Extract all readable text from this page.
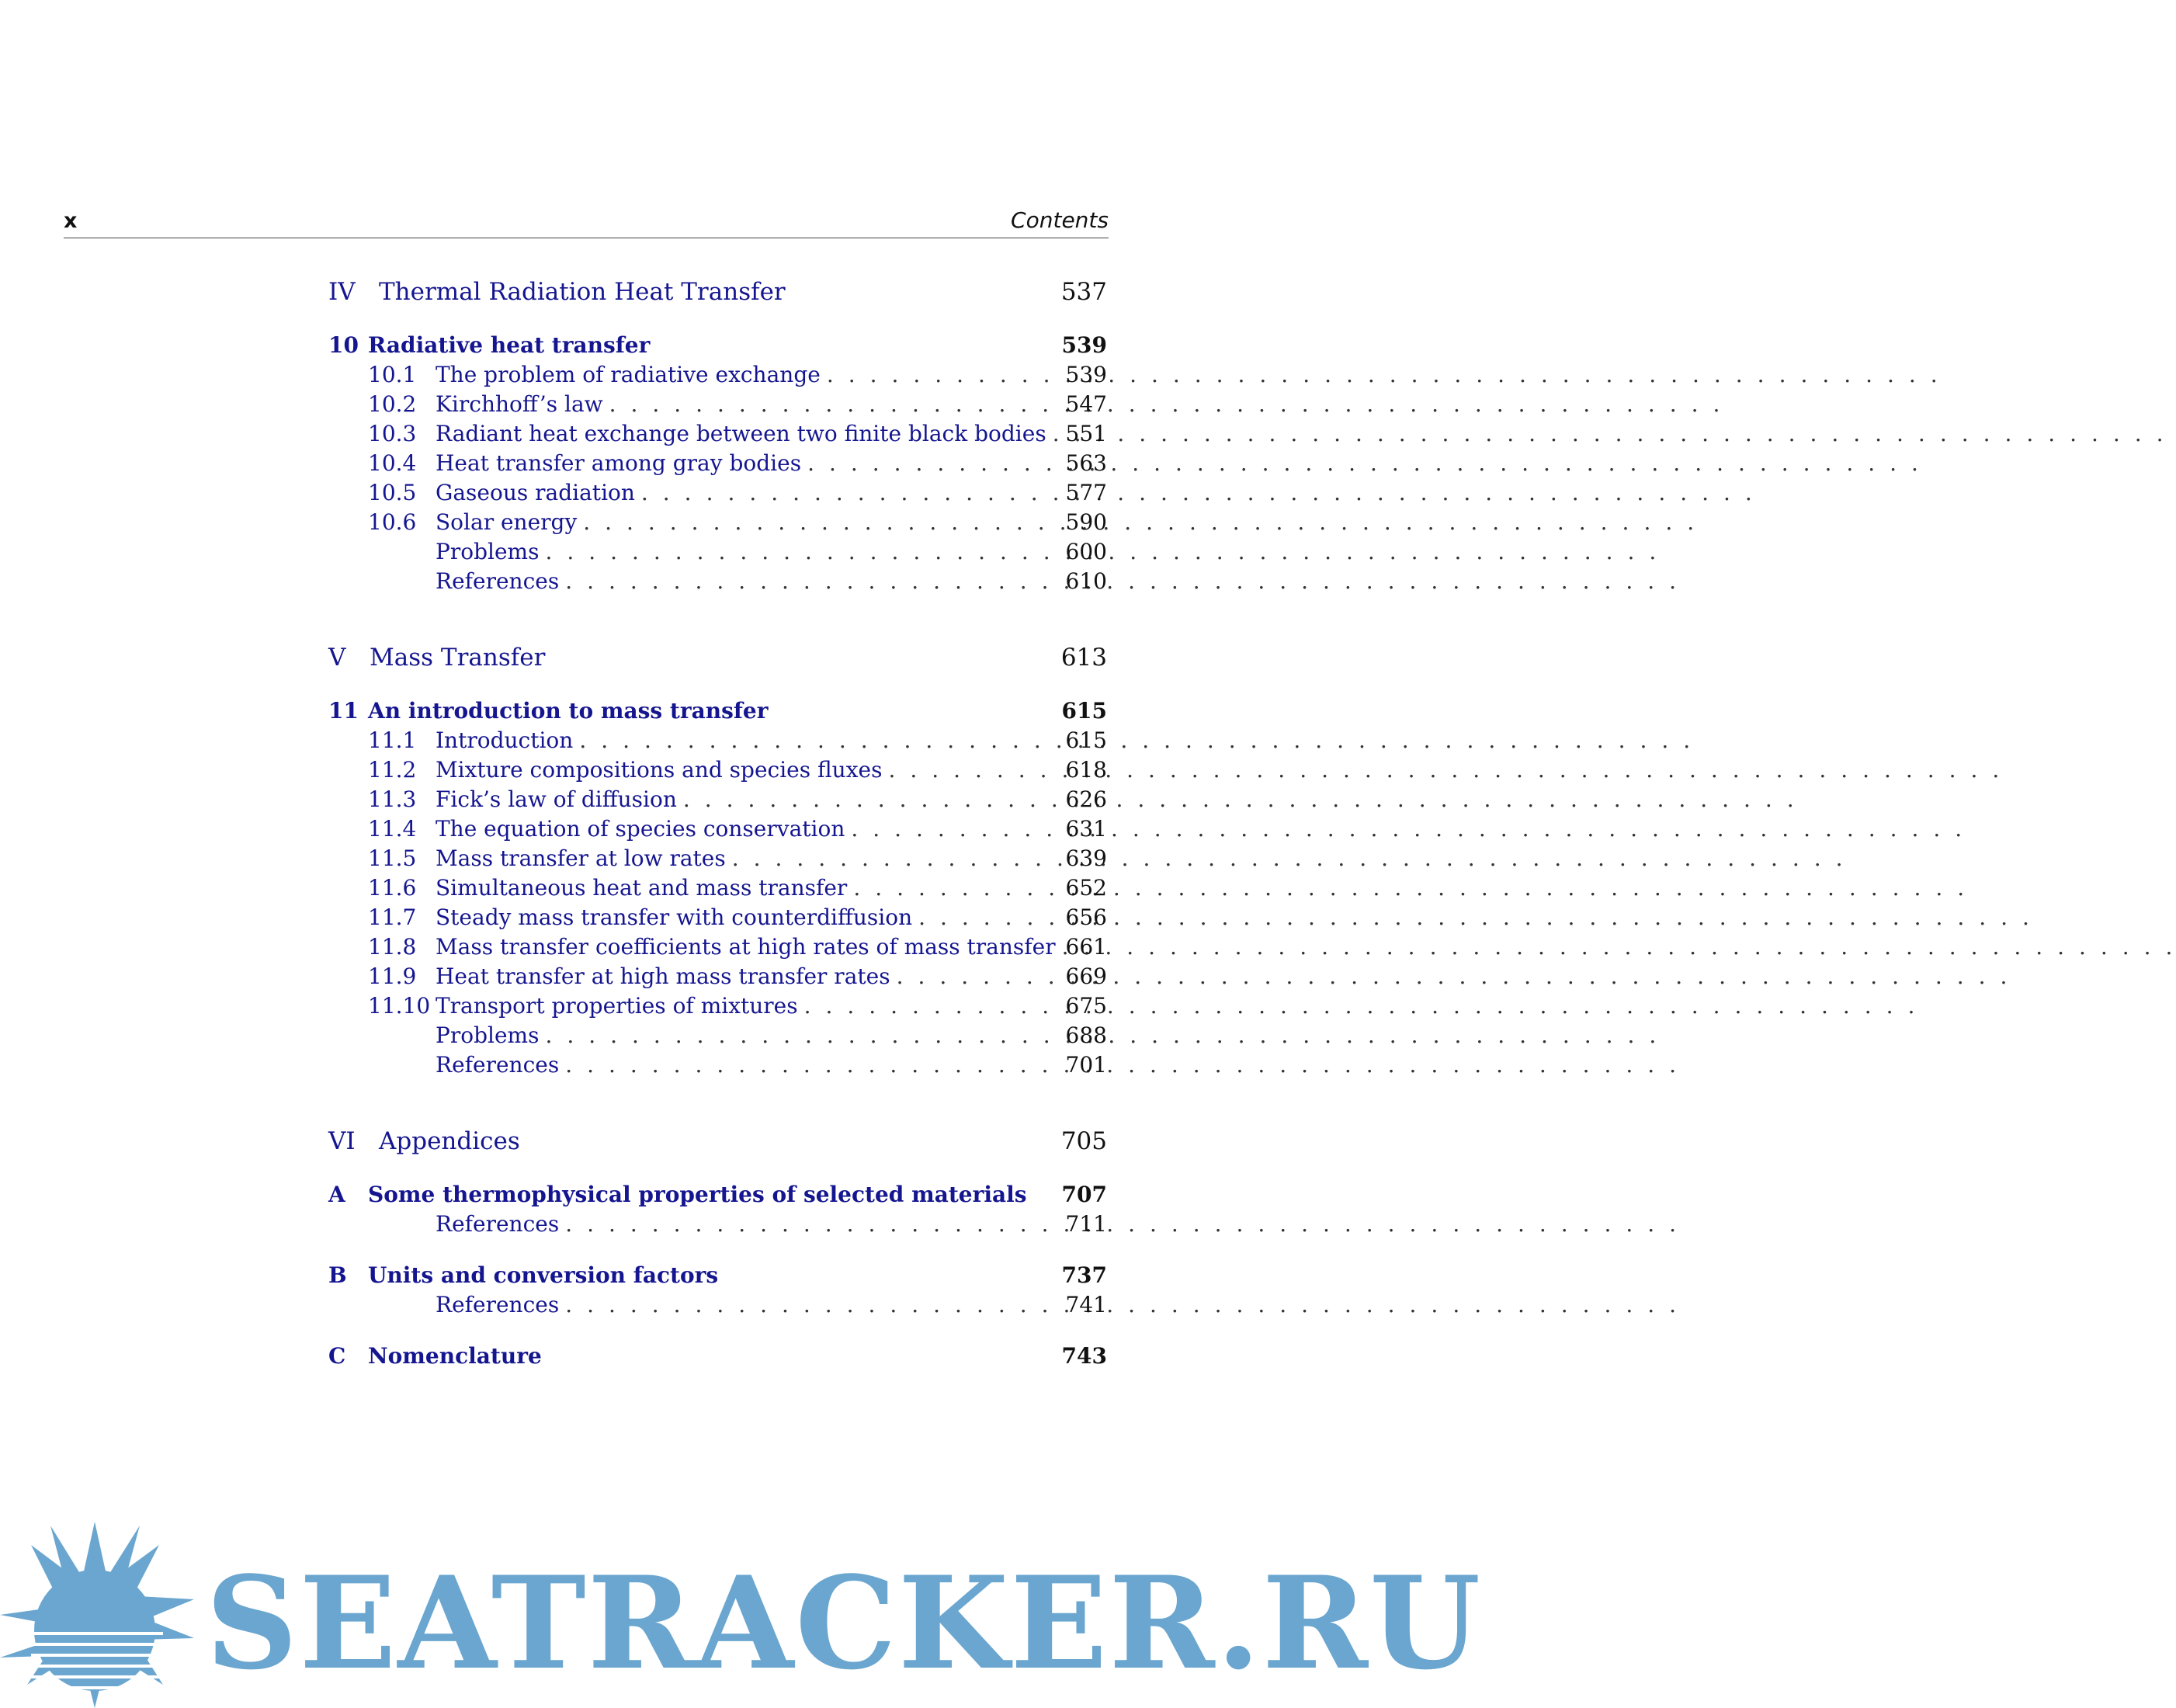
x	Contents
IV Thermal Radiation Heat Transfer	537
10 Radiative heat transfer	539
10.1 The problem of radiative exchange . . .	539
10.2 Kirchhoff’s law . . .	547
10.3 Radiant heat exchange between two finite black bodies . . . 551
10.4 Heat transfer among gray bodies . . .	563
10.5 Gaseous radiation . . .	577
10.6 Solar energy . . .	590
Problems . . .	600
References . . .	610
V Mass Transfer	613
11 An introduction to mass transfer	615
11.1 Introduction . . .	615
11.2 Mixture compositions and species fluxes . . .	618
11.3 Fick’s law of diffusion . . .	626
11.4 The equation of species conservation . . .	631
11.5 Mass transfer at low rates . . .	639
11.6 Simultaneous heat and mass transfer . . .	652
11.7 Steady mass transfer with counterdiffusion . . .	656
11.8 Mass transfer coefficients at high rates of mass transfer . . . 661
11.9 Heat transfer at high mass transfer rates . . .	669
11.10 Transport properties of mixtures . . .	675
Problems . . .	688
References . . .	701
VI Appendices	705
A Some thermophysical properties of selected materials 707
References . . .	711
B Units and conversion factors	737
References . . .	741
C Nomenclature	743
SEATRACKER.RU
